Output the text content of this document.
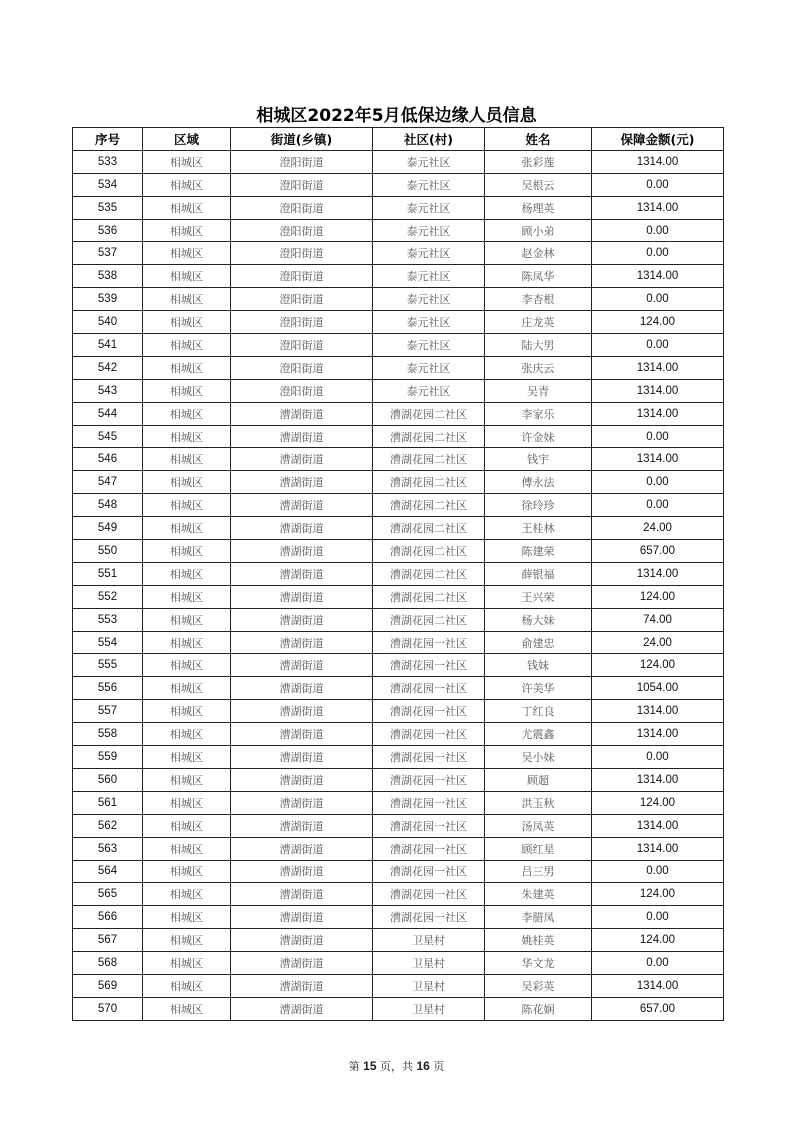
相城区2022年5月低保边缘人员信息
序号	区域	街道(乡镇)	社区(村)	姓名	保障金额(元)
533	相城区	澄阳街道	泰元社区	张彩莲	1314.00
534	相城区	澄阳街道	泰元社区	吴根云	0.00
535	相城区	澄阳街道	泰元社区	杨理英	1314.00
536	相城区	澄阳街道	泰元社区	顾小弟	0.00
537	相城区	澄阳街道	泰元社区	赵金林	0.00
538	相城区	澄阳街道	泰元社区	陈凤华	1314.00
539	相城区	澄阳街道	泰元社区	李杏根	0.00
540	相城区	澄阳街道	泰元社区	庄龙英	124.00
541	相城区	澄阳街道	泰元社区	陆大男	0.00
542	相城区	澄阳街道	泰元社区	张庆云	1314.00
543	相城区	澄阳街道	泰元社区	吴青	1314.00
544	相城区	漕湖街道	漕湖花园二社区	李家乐	1314.00
545	相城区	漕湖街道	漕湖花园二社区	许金妹	0.00
546	相城区	漕湖街道	漕湖花园二社区	钱宇	1314.00
547	相城区	漕湖街道	漕湖花园二社区	傅永法	0.00
548	相城区	漕湖街道	漕湖花园二社区	徐玲珍	0.00
549	相城区	漕湖街道	漕湖花园二社区	王桂林	24.00
550	相城区	漕湖街道	漕湖花园二社区	陈建荣	657.00
551	相城区	漕湖街道	漕湖花园二社区	薛银福	1314.00
552	相城区	漕湖街道	漕湖花园二社区	王兴荣	124.00
553	相城区	漕湖街道	漕湖花园二社区	杨大妹	74.00
554	相城区	漕湖街道	漕湖花园一社区	俞建忠	24.00
555	相城区	漕湖街道	漕湖花园一社区	钱妹	124.00
556	相城区	漕湖街道	漕湖花园一社区	许美华	1054.00
557	相城区	漕湖街道	漕湖花园一社区	丁红良	1314.00
558	相城区	漕湖街道	漕湖花园一社区	尤震鑫	1314.00
559	相城区	漕湖街道	漕湖花园一社区	吴小妹	0.00
560	相城区	漕湖街道	漕湖花园一社区	顾超	1314.00
561	相城区	漕湖街道	漕湖花园一社区	洪玉秋	124.00
562	相城区	漕湖街道	漕湖花园一社区	汤凤英	1314.00
563	相城区	漕湖街道	漕湖花园一社区	顾红星	1314.00
564	相城区	漕湖街道	漕湖花园一社区	吕三男	0.00
565	相城区	漕湖街道	漕湖花园一社区	朱建英	124.00
566	相城区	漕湖街道	漕湖花园一社区	李腊凤	0.00
567	相城区	漕湖街道	卫星村	姚桂英	124.00
568	相城区	漕湖街道	卫星村	华文龙	0.00
569	相城区	漕湖街道	卫星村	吴彩英	1314.00
570	相城区	漕湖街道	卫星村	陈花娴	657.00
第 15 页，共 16 页
